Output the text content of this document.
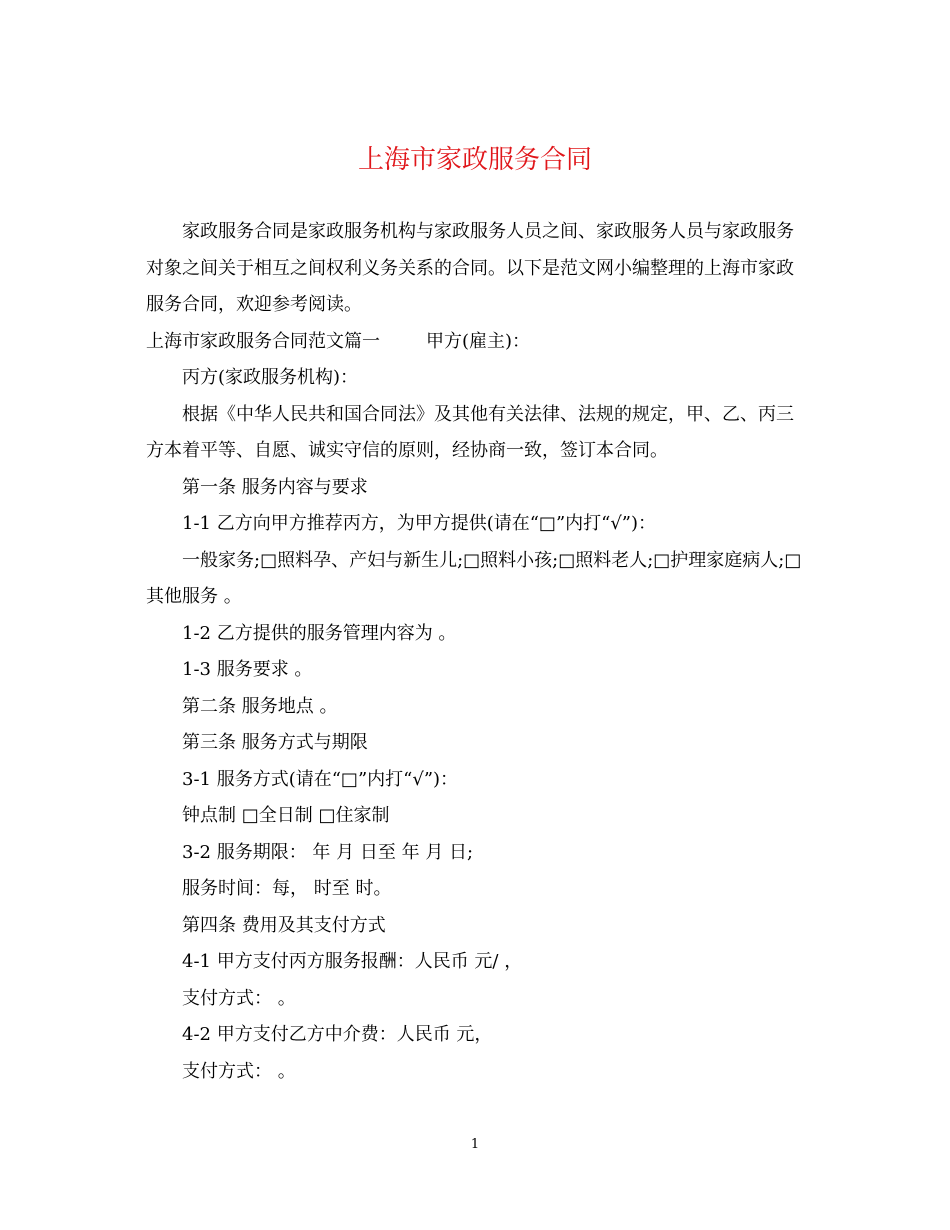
上海市家政服务合同

家政服务合同是家政服务机构与家政服务人员之间、家政服务人员与家政服务对象之间关于相互之间权利义务关系的合同。以下是范文网小编整理的上海市家政服务合同，欢迎参考阅读。

上海市家政服务合同范文篇一	甲方(雇主)：

丙方(家政服务机构)：

根据《中华人民共和国合同法》及其他有关法律、法规的规定，甲、乙、丙三方本着平等、自愿、诚实守信的原则，经协商一致，签订本合同。

第一条 服务内容与要求

1-1 乙方向甲方推荐丙方，为甲方提供(请在“□”内打“√”)：

一般家务;□照料孕、产妇与新生儿;□照料小孩;□照料老人;□护理家庭病人;□其他服务 。

1-2 乙方提供的服务管理内容为 。

1-3 服务要求 。

第二条 服务地点 。

第三条 服务方式与期限

3-1 服务方式(请在“□”内打“√”)：

钟点制 □全日制 □住家制

3-2 服务期限： 年 月 日至 年 月 日;

服务时间：每， 时至 时。

第四条 费用及其支付方式

4-1 甲方支付丙方服务报酬：人民币 元/ ，

支付方式： 。

4-2 甲方支付乙方中介费：人民币 元，

支付方式： 。

1
